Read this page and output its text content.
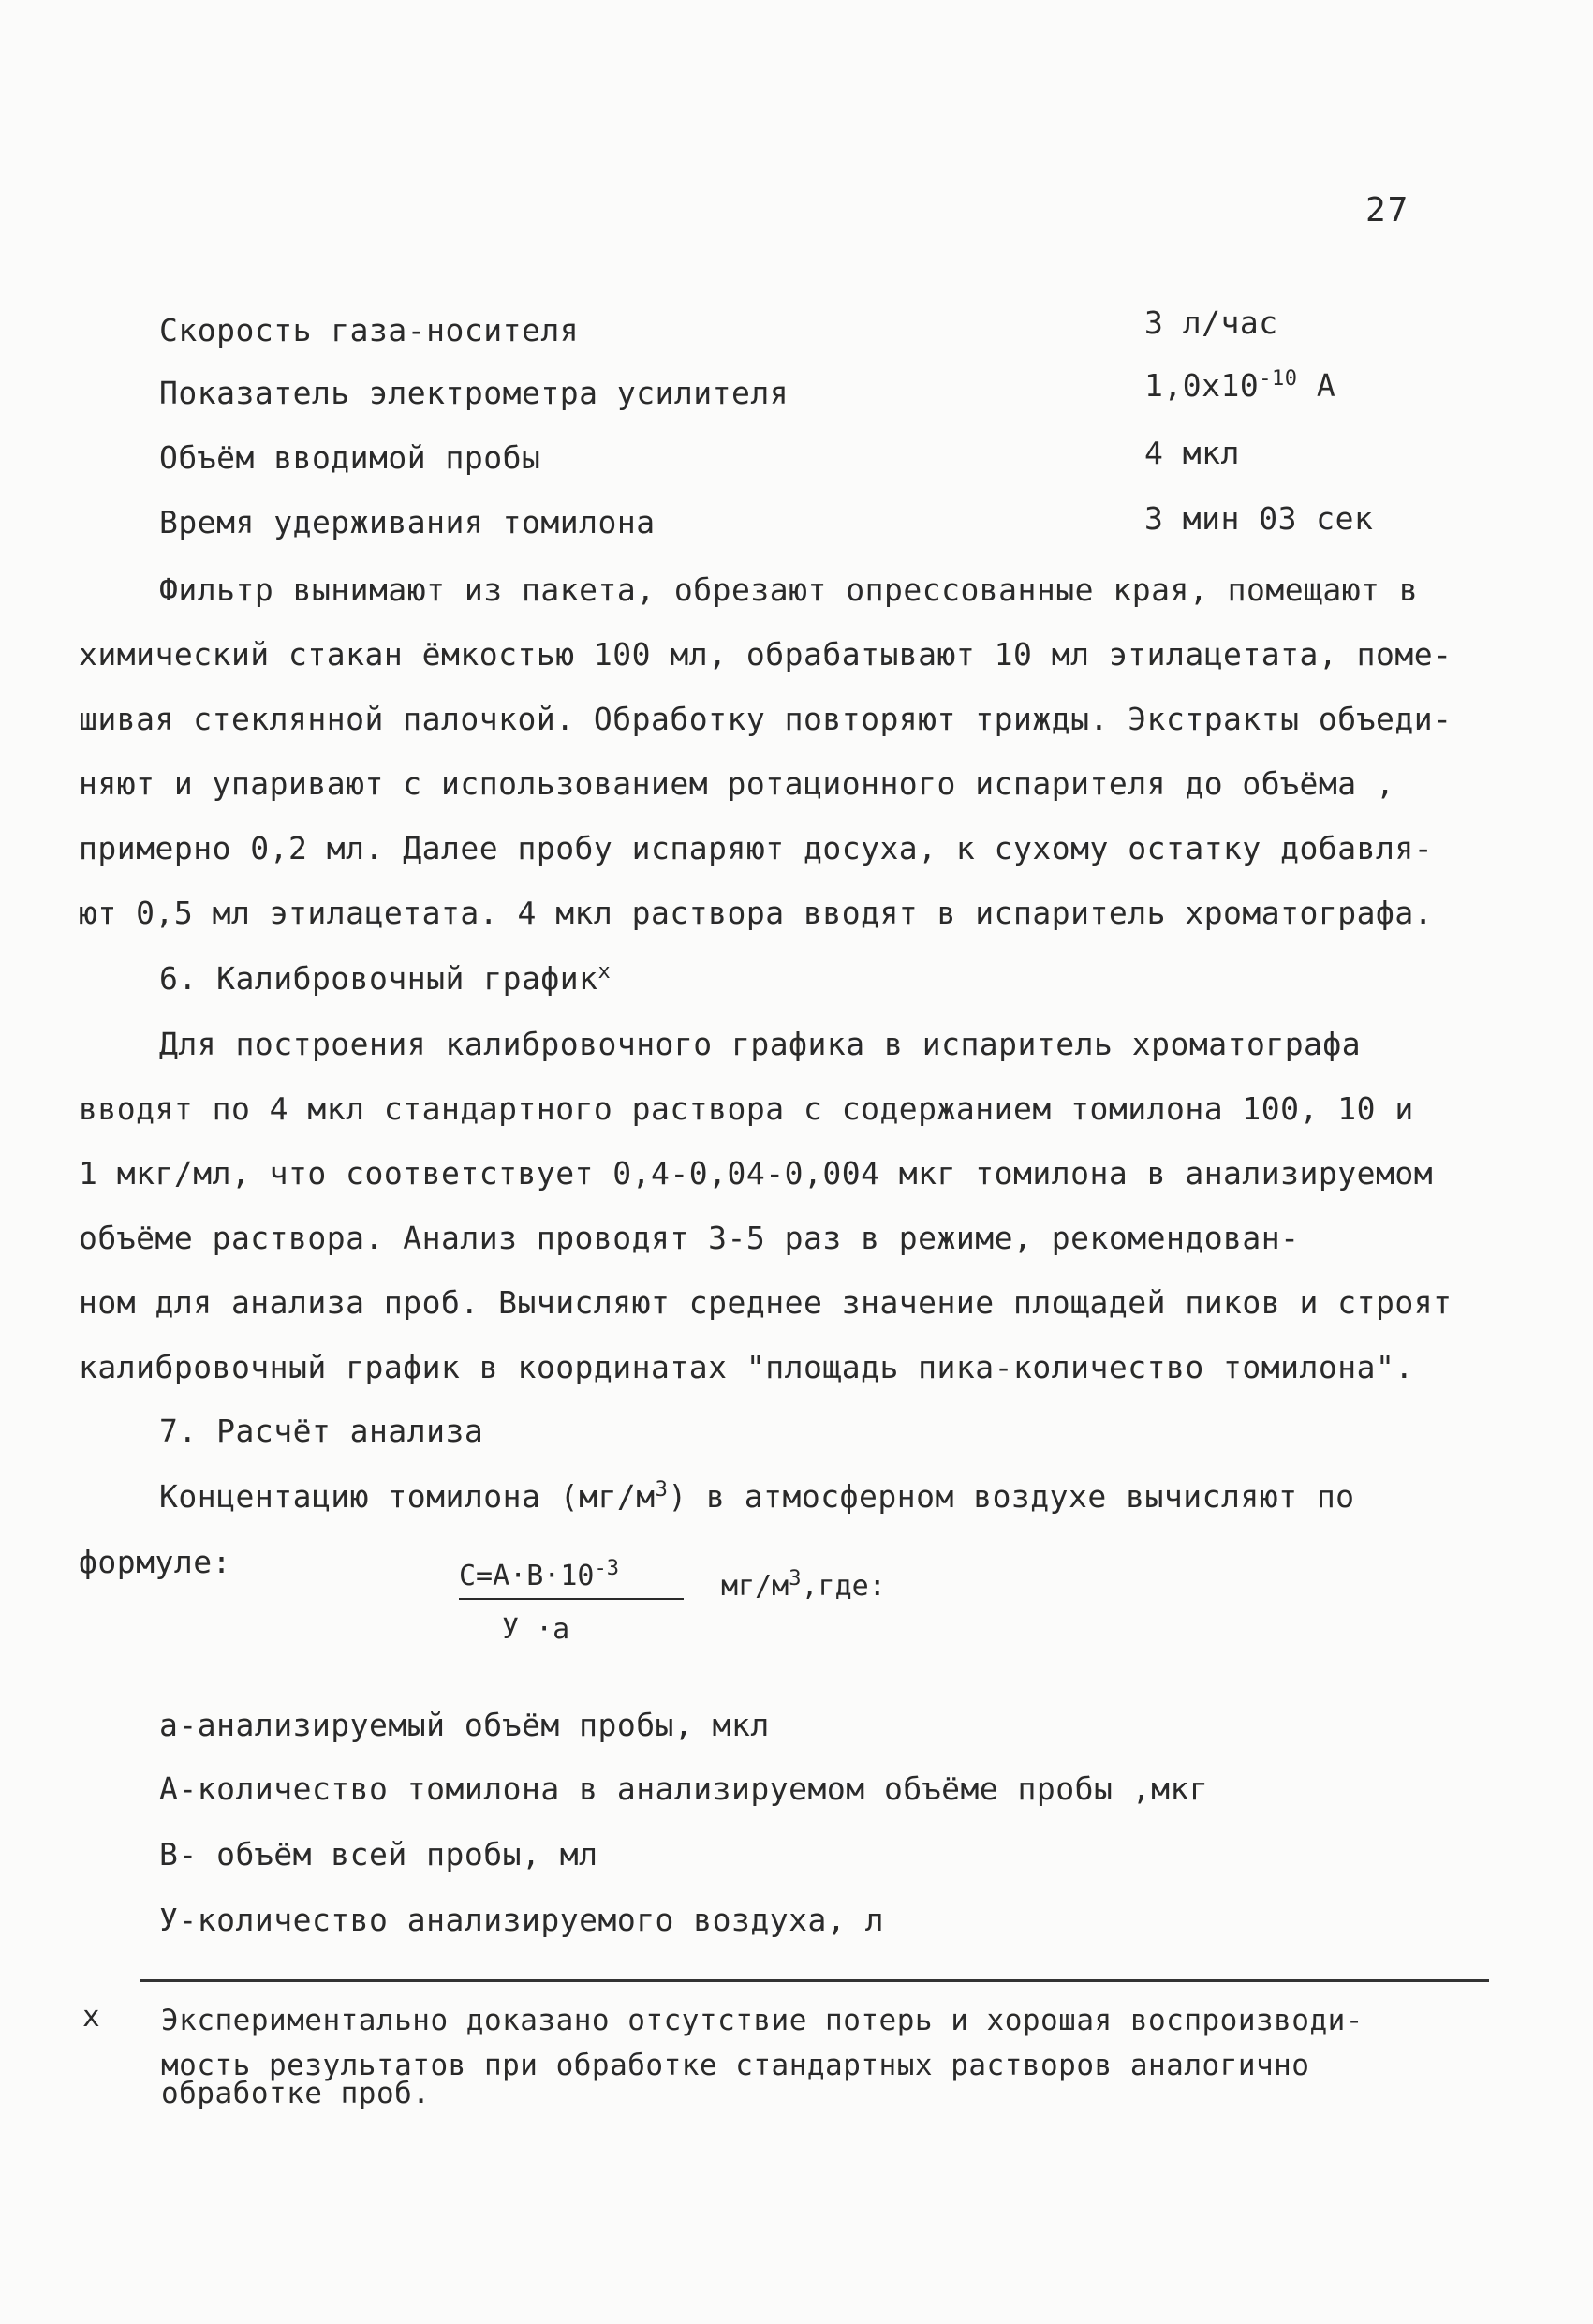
27
Скорость газа-носителя	3 л/час
Показатель электрометра усилителя	$1,0x10^{-10}$ А
Объём вводимой пробы	4 мкл
Время удерживания томилона	3 мин 03 сек
Фильтр вынимают из пакета, обрезают опрессованные края, помещают в
химический стакан ёмкостью 100 мл, обрабатывают 10 мл этилацетата, поме-
шивая стеклянной палочкой. Обработку повторяют трижды. Экстракты объеди-
няют и упаривают с использованием ротационного испарителя до объёма ,
примерно 0,2 мл. Далее пробу испаряют досуха, к сухому остатку добавля-
ют 0,5 мл этилацетата. 4 мкл раствора вводят в испаритель хроматографа.
6. Калибровочный график$^x$
Для построения калибровочного графика в испаритель хроматографа
вводят по 4 мкл стандартного раствора с содержанием томилона 100, 10 и
1 мкг/мл, что соответствует 0,4-0,04-0,004 мкг томилона в анализируемом
объёме раствора. Анализ проводят 3-5 раз в режиме, рекомендован-
ном для анализа проб. Вычисляют среднее значение площадей пиков и строят
калибровочный график в координатах "площадь пика-количество томилона".
7. Расчёт анализа
Концентацию томилона $(мг/м^3)$ в атмосферном воздухе вычисляют по
формуле:	$C=A\cdot B\cdot 10^{-3}$
У ·a
$мг/м^3,где$:
а-анализируемый объём пробы, мкл
А-количество томилона в анализируемом объёме пробы ,мкг
В- объём всей пробы, мл
У-количество анализируемого воздуха, л
x Экспериментально доказано отсутствие потерь и хорошая воспроизводи-
мость результатов при обработке стандартных растворов аналогично
обработке проб.
